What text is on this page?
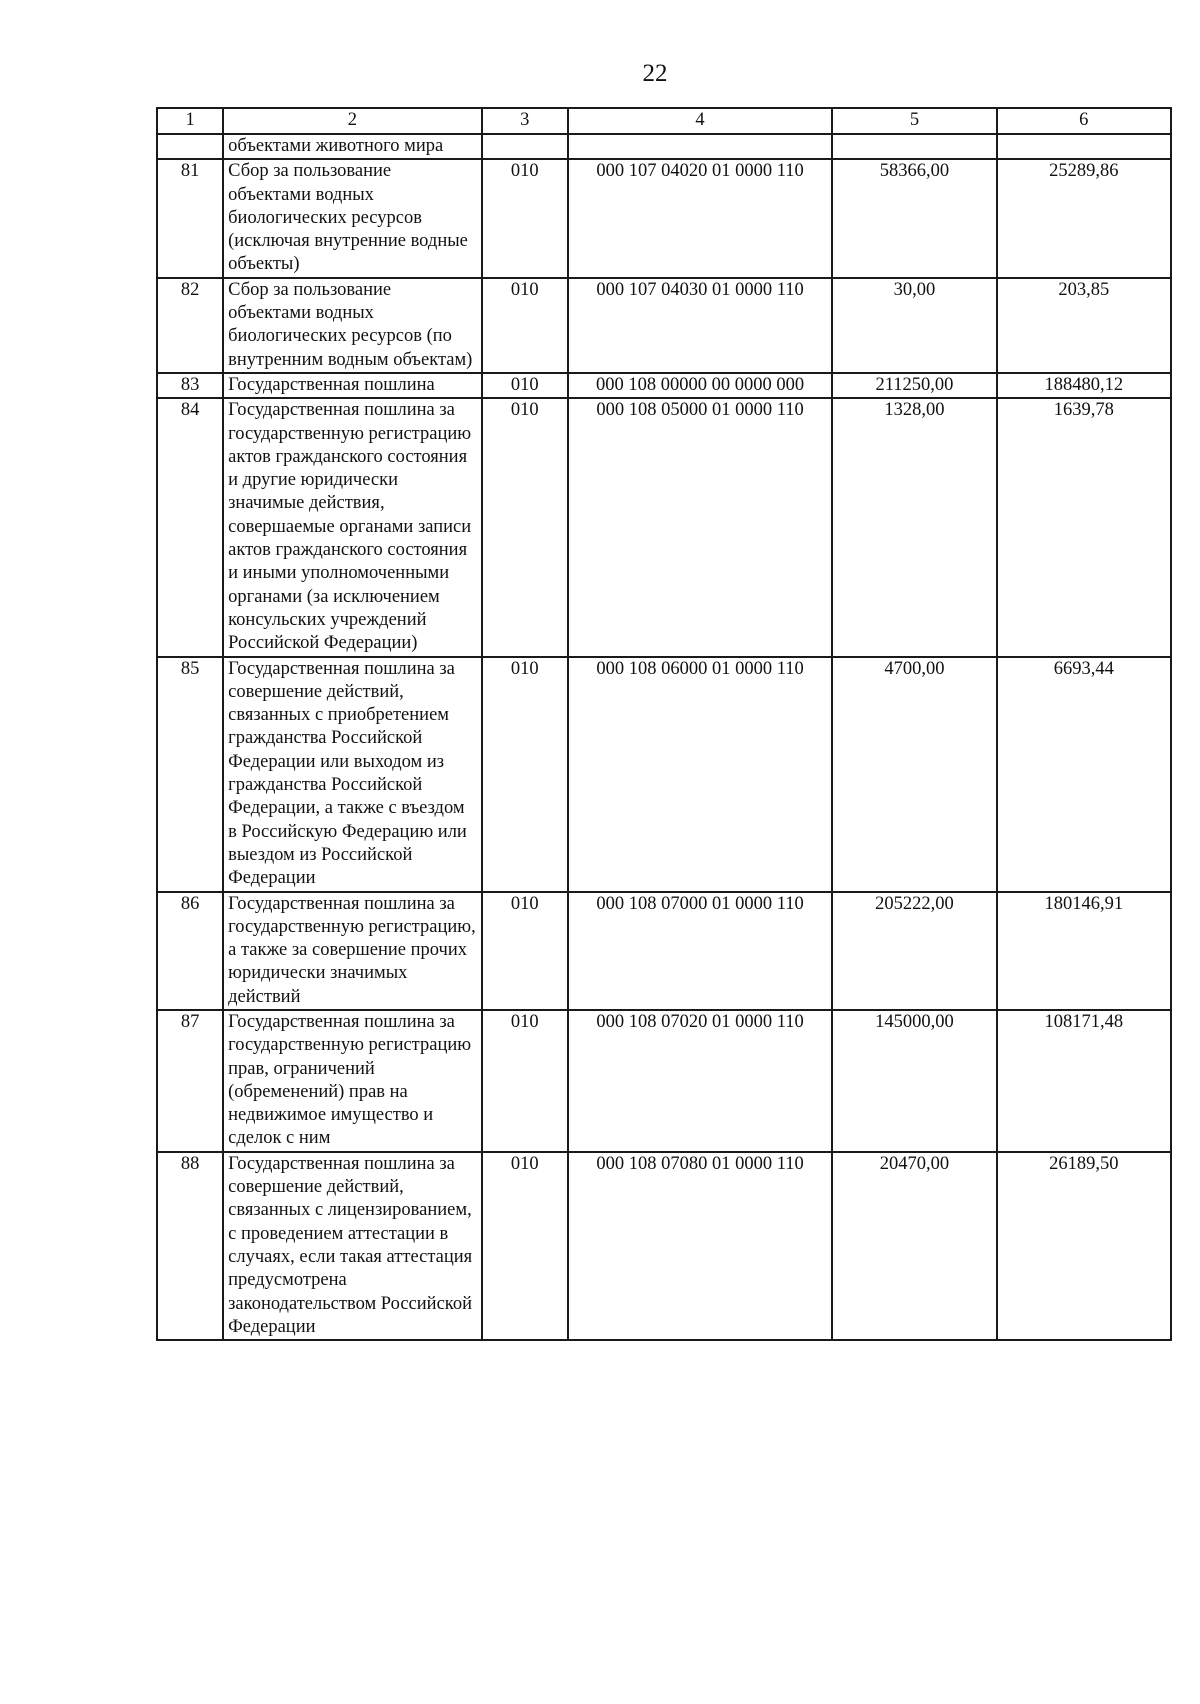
22
1	2	3	4	5	6
	объектами животного мира				
81	Сбор за пользование объектами водных биологических ресурсов (исключая внутренние водные объекты)	010	000 107 04020 01 0000 110	58366,00	25289,86
82	Сбор за пользование объектами водных биологических ресурсов (по внутренним водным объектам)	010	000 107 04030 01 0000 110	30,00	203,85
83	Государственная пошлина	010	000 108 00000 00 0000 000	211250,00	188480,12
84	Государственная пошлина за государственную регистрацию актов гражданского состояния и другие юридически значимые действия, совершаемые органами записи актов гражданского состояния и иными уполномоченными органами (за исключением консульских учреждений Российской Федерации)	010	000 108 05000 01 0000 110	1328,00	1639,78
85	Государственная пошлина за совершение действий, связанных с приобретением гражданства Российской Федерации или выходом из гражданства Российской Федерации, а также с въездом в Российскую Федерацию или выездом из Российской Федерации	010	000 108 06000 01 0000 110	4700,00	6693,44
86	Государственная пошлина за государственную регистрацию, а также за совершение прочих юридически значимых действий	010	000 108 07000 01 0000 110	205222,00	180146,91
87	Государственная пошлина за государственную регистрацию прав, ограничений (обременений) прав на недвижимое имущество и сделок с ним	010	000 108 07020 01 0000 110	145000,00	108171,48
88	Государственная пошлина за совершение действий, связанных с лицензированием, с проведением аттестации в случаях, если такая аттестация предусмотрена законодательством Российской Федерации	010	000 108 07080 01 0000 110	20470,00	26189,50
